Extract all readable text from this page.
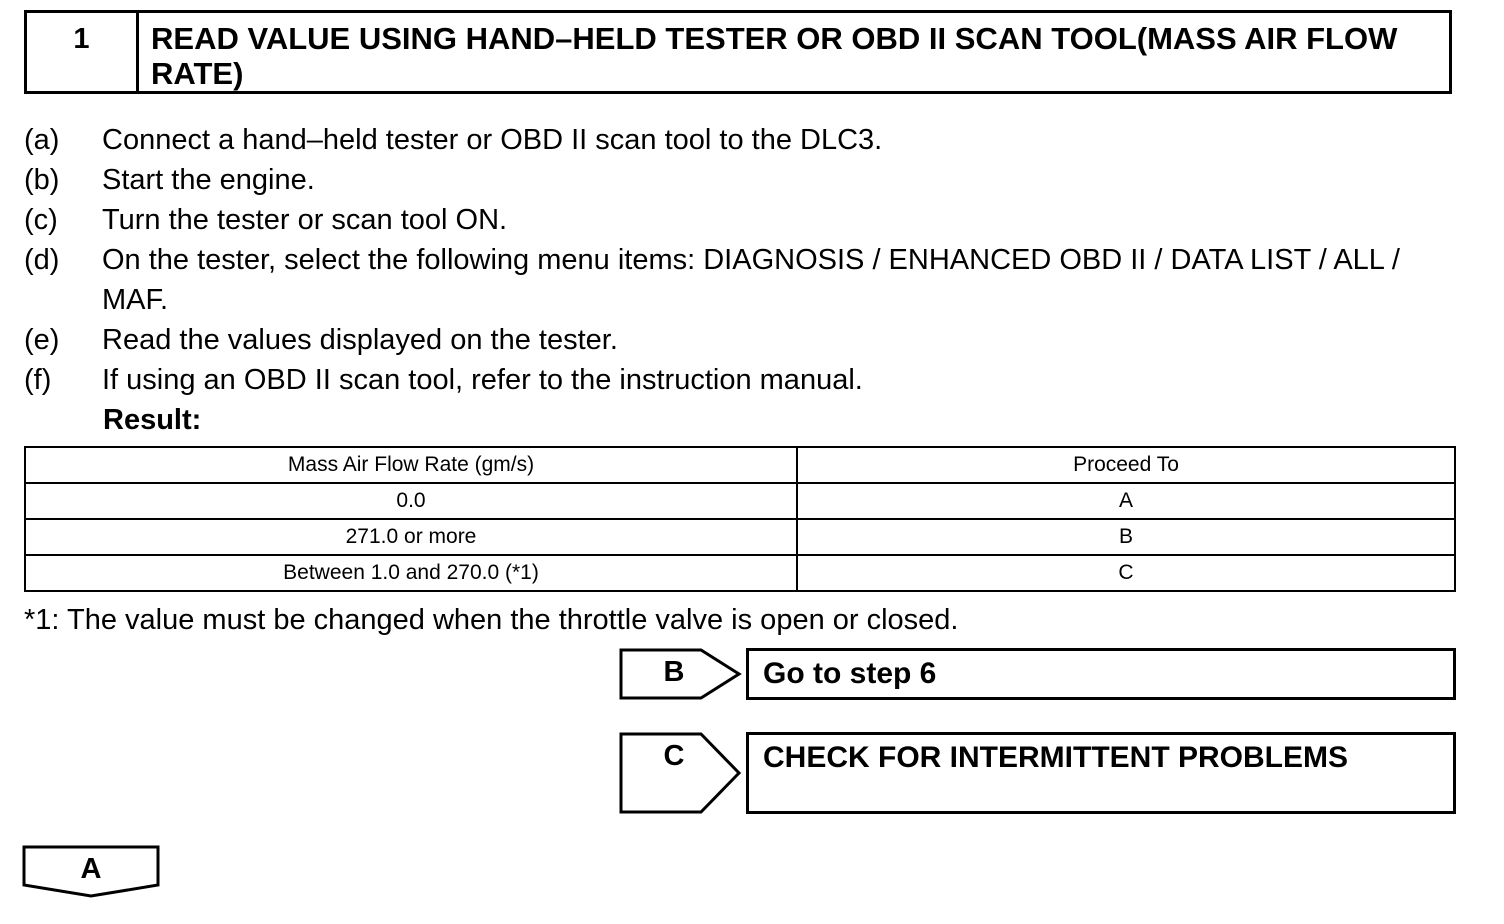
1	READ VALUE USING HAND–HELD TESTER OR OBD II SCAN TOOL(MASS AIR FLOW RATE)
(a)	Connect a hand–held tester or OBD II scan tool to the DLC3.
(b)	Start the engine.
(c)	Turn the tester or scan tool ON.
(d)	On the tester, select the following menu items: DIAGNOSIS / ENHANCED OBD II / DATA LIST / ALL / MAF.
(e)	Read the values displayed on the tester.
(f)	If using an OBD II scan tool, refer to the instruction manual.
Result:
Mass Air Flow Rate (gm/s)	Proceed To
0.0	A
271.0 or more	B
Between 1.0 and 270.0 (*1)	C
*1: The value must be changed when the throttle valve is open or closed.
B	Go to step 6
C	CHECK FOR INTERMITTENT PROBLEMS
A
